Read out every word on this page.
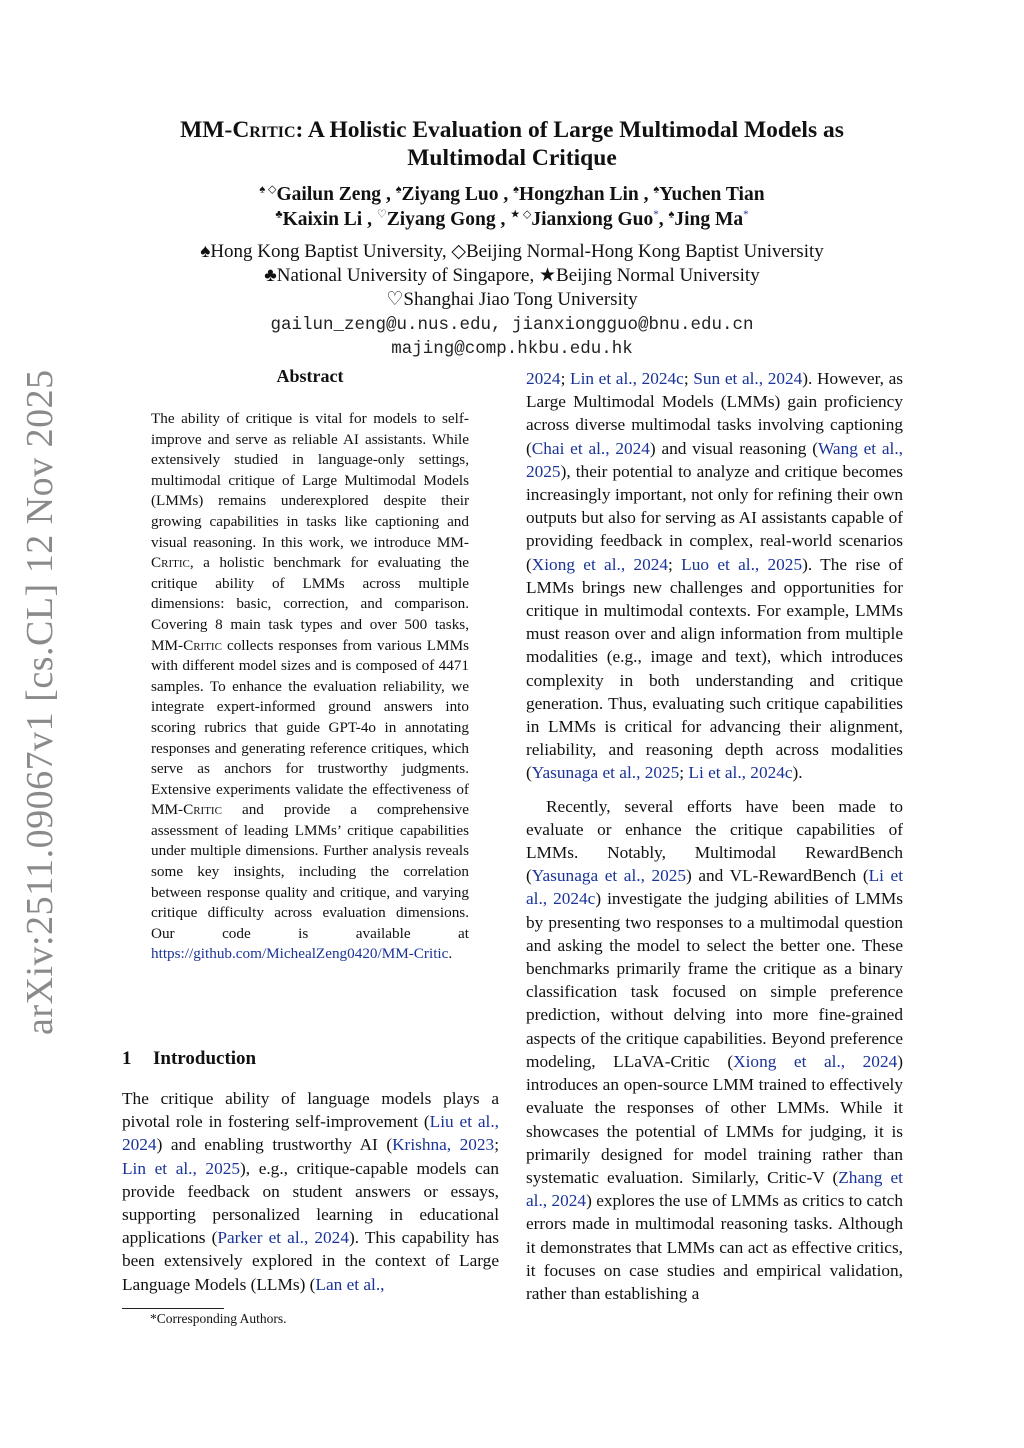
arXiv:2511.09067v1 [cs.CL] 12 Nov 2025
MM-Critic: A Holistic Evaluation of Large Multimodal Models as
Multimodal Critique
♠ ◇Gailun Zeng , ♠Ziyang Luo , ♠Hongzhan Lin , ♠Yuchen Tian
♣Kaixin Li , ♡Ziyang Gong , ★ ◇Jianxiong Guo*, ♠Jing Ma*
♠Hong Kong Baptist University, ◇Beijing Normal-Hong Kong Baptist University
♣National University of Singapore, ★Beijing Normal University
♡Shanghai Jiao Tong University
gailun_zeng@u.nus.edu, jianxiongguo@bnu.edu.cn
majing@comp.hkbu.edu.hk
Abstract
The ability of critique is vital for models to self-improve and serve as reliable AI assistants. While extensively studied in language-only settings, multimodal critique of Large Multimodal Models (LMMs) remains underexplored despite their growing capabilities in tasks like captioning and visual reasoning. In this work, we introduce MM-Critic, a holistic benchmark for evaluating the critique ability of LMMs across multiple dimensions: basic, correction, and comparison. Covering 8 main task types and over 500 tasks, MM-Critic collects responses from various LMMs with different model sizes and is composed of 4471 samples. To enhance the evaluation reliability, we integrate expert-informed ground answers into scoring rubrics that guide GPT-4o in annotating responses and generating reference critiques, which serve as anchors for trustworthy judgments. Extensive experiments validate the effectiveness of MM-Critic and provide a comprehensive assessment of leading LMMs’ critique capabilities under multiple dimensions. Further analysis reveals some key insights, including the correlation between response quality and critique, and varying critique difficulty across evaluation dimensions. Our code is available at https://github.com/MichealZeng0420/MM-Critic.
1 Introduction
The critique ability of language models plays a pivotal role in fostering self-improvement (Liu et al., 2024) and enabling trustworthy AI (Krishna, 2023; Lin et al., 2025), e.g., critique-capable models can provide feedback on student answers or essays, supporting personalized learning in educational applications (Parker et al., 2024). This capability has been extensively explored in the context of Large Language Models (LLMs) (Lan et al.,
*Corresponding Authors.

2024; Lin et al., 2024c; Sun et al., 2024). However, as Large Multimodal Models (LMMs) gain proficiency across diverse multimodal tasks involving captioning (Chai et al., 2024) and visual reasoning (Wang et al., 2025), their potential to analyze and critique becomes increasingly important, not only for refining their own outputs but also for serving as AI assistants capable of providing feedback in complex, real-world scenarios (Xiong et al., 2024; Luo et al., 2025). The rise of LMMs brings new challenges and opportunities for critique in multimodal contexts. For example, LMMs must reason over and align information from multiple modalities (e.g., image and text), which introduces complexity in both understanding and critique generation. Thus, evaluating such critique capabilities in LMMs is critical for advancing their alignment, reliability, and reasoning depth across modalities (Yasunaga et al., 2025; Li et al., 2024c).

Recently, several efforts have been made to evaluate or enhance the critique capabilities of LMMs. Notably, Multimodal RewardBench (Yasunaga et al., 2025) and VL-RewardBench (Li et al., 2024c) investigate the judging abilities of LMMs by presenting two responses to a multimodal question and asking the model to select the better one. These benchmarks primarily frame the critique as a binary classification task focused on simple preference prediction, without delving into more fine-grained aspects of the critique capabilities. Beyond preference modeling, LLaVA-Critic (Xiong et al., 2024) introduces an open-source LMM trained to effectively evaluate the responses of other LMMs. While it showcases the potential of LMMs for judging, it is primarily designed for model training rather than systematic evaluation. Similarly, Critic-V (Zhang et al., 2024) explores the use of LMMs as critics to catch errors made in multimodal reasoning tasks. Although it demonstrates that LMMs can act as effective critics, it focuses on case studies and empirical validation, rather than establishing a
